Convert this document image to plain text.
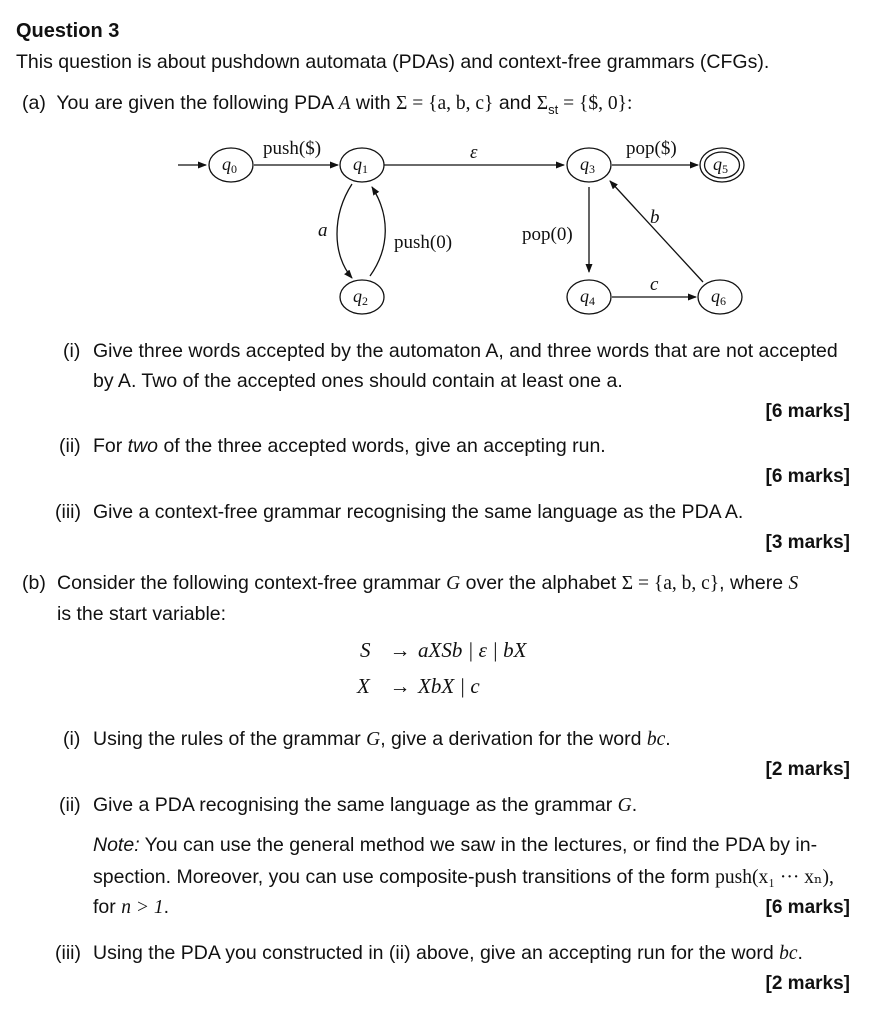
Question 3
This question is about pushdown automata (PDAs) and context-free grammars (CFGs).
(a) You are given the following PDA A with Σ = {a, b, c} and $\Sigma_{st}$ = {$, 0}:
q0	q1
q2
q3
q4
q5
q6
push($)	ε	pop($)
a
push(0)	pop(0)
c
b
(i) Give three words accepted by the automaton A, and three words that are not accepted
by A. Two of the accepted ones should contain at least one a.
[6 marks]
(ii) For two of the three accepted words, give an accepting run.
[6 marks]
(iii) Give a context-free grammar recognising the same language as the PDA A.
[3 marks]
(b) Consider the following context-free grammar G over the alphabet Σ = {a, b, c}, where S
is the start variable:
S → aXSb | ε | bX
X → XbX | c
(i) Using the rules of the grammar G, give a derivation for the word bc.
[2 marks]
(ii) Give a PDA recognising the same language as the grammar G.
Note: You can use the general method we saw in the lectures, or find the PDA by in-
spection. Moreover, you can use composite-push transitions of the form push(x₁ ··· xₙ),
for n > 1.	[6 marks]
(iii) Using the PDA you constructed in (ii) above, give an accepting run for the word bc.
[2 marks]
